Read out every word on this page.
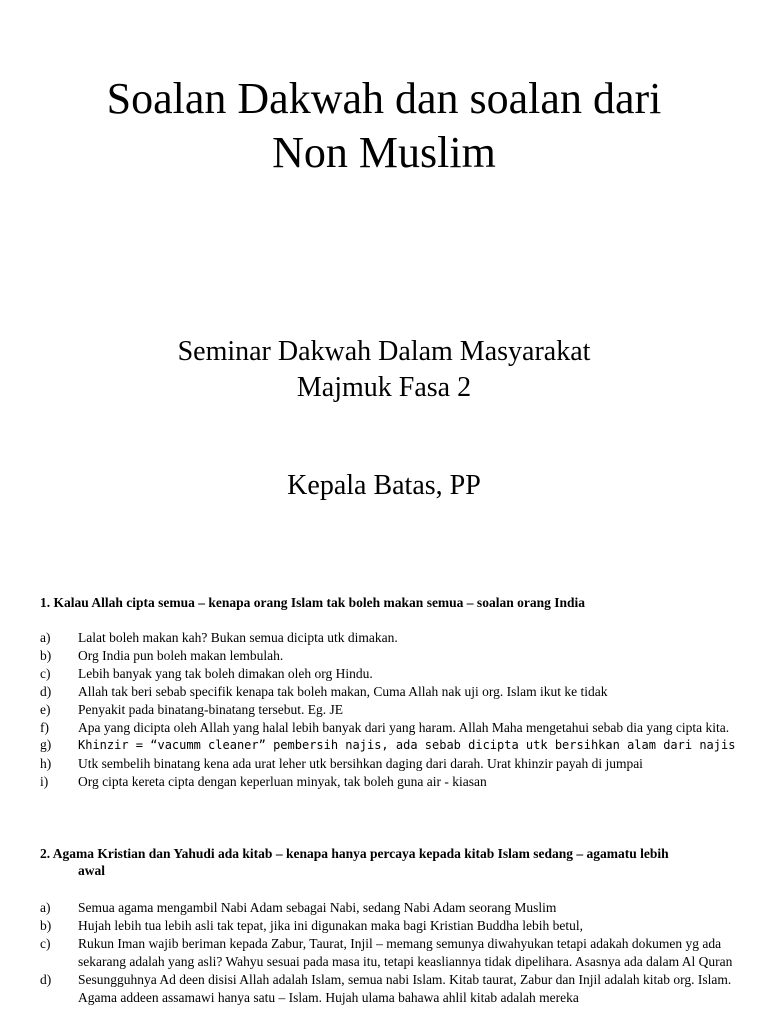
Soalan Dakwah dan soalan dari
Non Muslim
Seminar Dakwah Dalam Masyarakat
Majmuk Fasa 2
Kepala Batas, PP

1. Kalau Allah cipta semua – kenapa orang Islam tak boleh makan semua – soalan orang India

a) Lalat boleh makan kah? Bukan semua dicipta utk dimakan.
b) Org India pun boleh makan lembulah.
c) Lebih banyak yang tak boleh dimakan oleh org Hindu.
d) Allah tak beri sebab specifik kenapa tak boleh makan, Cuma Allah nak uji org. Islam ikut ke tidak
e) Penyakit pada binatang-binatang tersebut. Eg. JE
f) Apa yang dicipta oleh Allah yang halal lebih banyak dari yang haram. Allah Maha mengetahui sebab dia yang cipta kita.
g) Khinzir = “vacumm cleaner” pembersih najis, ada sebab dicipta utk bersihkan alam dari najis
h) Utk sembelih binatang kena ada urat leher utk bersihkan daging dari darah. Urat khinzir payah di jumpai
i) Org cipta kereta cipta dengan keperluan minyak, tak boleh guna air - kiasan

2. Agama Kristian dan Yahudi ada kitab – kenapa hanya percaya kepada kitab Islam sedang – agamatu lebih
awal

a) Semua agama mengambil Nabi Adam sebagai Nabi, sedang Nabi Adam seorang Muslim
b) Hujah lebih tua lebih asli tak tepat, jika ini digunakan maka bagi Kristian Buddha lebih betul,
c) Rukun Iman wajib beriman kepada Zabur, Taurat, Injil – memang semunya diwahyukan tetapi adakah dokumen yg ada sekarang adalah yang asli? Wahyu sesuai pada masa itu, tetapi keasliannya tidak dipelihara. Asasnya ada dalam Al Quran
d) Sesungguhnya Ad deen disisi Allah adalah Islam, semua nabi Islam. Kitab taurat, Zabur dan Injil adalah kitab org. Islam. Agama addeen assamawi hanya satu – Islam. Hujah ulama bahawa ahlil kitab adalah mereka
